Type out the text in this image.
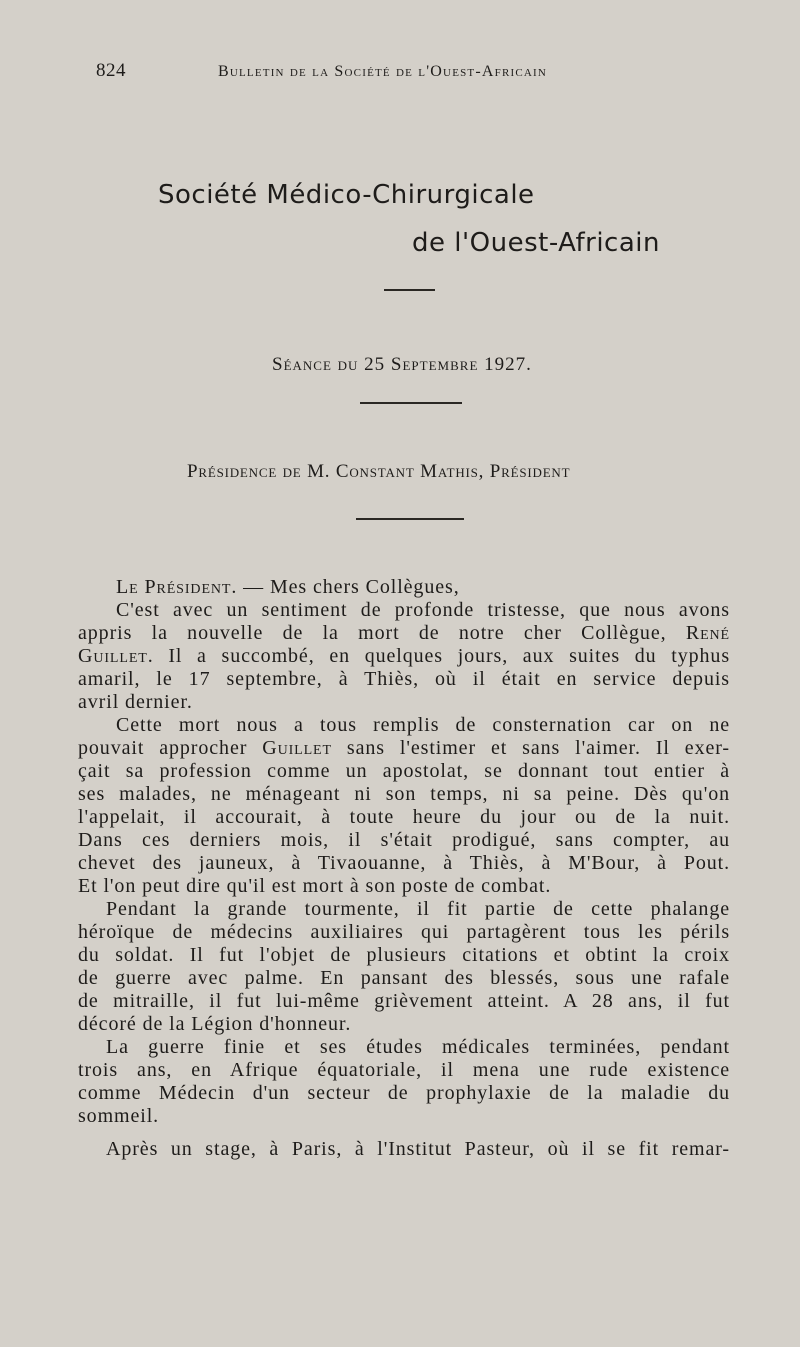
824	Bulletin de la Société de l'Ouest-Africain
Société Médico-Chirurgicale
de l'Ouest-Africain
Séance du 25 Septembre 1927.
Présidence de M. Constant Mathis, Président
Le Président. — Mes chers Collègues,
C'est avec un sentiment de profonde tristesse, que nous avons
appris la nouvelle de la mort de notre cher Collègue, René
Guillet. Il a succombé, en quelques jours, aux suites du typhus
amaril, le 17 septembre, à Thiès, où il était en service depuis
avril dernier.
Cette mort nous a tous remplis de consternation car on ne
pouvait approcher Guillet sans l'estimer et sans l'aimer. Il exer-
çait sa profession comme un apostolat, se donnant tout entier à
ses malades, ne ménageant ni son temps, ni sa peine. Dès qu'on
l'appelait, il accourait, à toute heure du jour ou de la nuit.
Dans ces derniers mois, il s'était prodigué, sans compter, au
chevet des jauneux, à Tivaouanne, à Thiès, à M'Bour, à Pout.
Et l'on peut dire qu'il est mort à son poste de combat.
Pendant la grande tourmente, il fit partie de cette phalange
héroïque de médecins auxiliaires qui partagèrent tous les périls
du soldat. Il fut l'objet de plusieurs citations et obtint la croix
de guerre avec palme. En pansant des blessés, sous une rafale
de mitraille, il fut lui-même grièvement atteint. A 28 ans, il fut
décoré de la Légion d'honneur.
La guerre finie et ses études médicales terminées, pendant
trois ans, en Afrique équatoriale, il mena une rude existence
comme Médecin d'un secteur de prophylaxie de la maladie du
sommeil.
Après un stage, à Paris, à l'Institut Pasteur, où il se fit remar-
